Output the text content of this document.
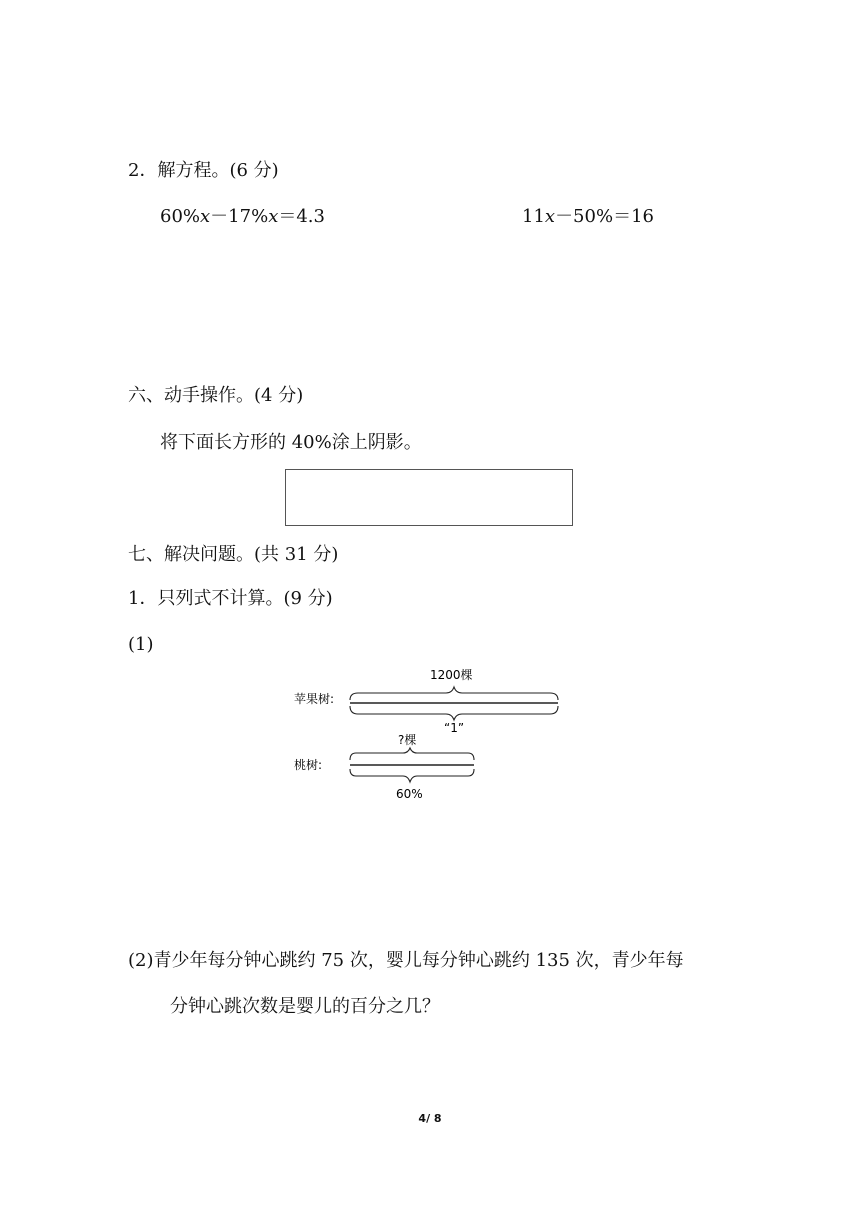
2．解方程。(6 分)
60%x－17%x＝4.3	11x－50%＝16
六、动手操作。(4 分)
将下面长方形的 40%涂上阴影。
七、解决问题。(共 31 分)
1．只列式不计算。(9 分)
(1)
苹果树:
1200棵
“1”
?棵
桃树:
60%
(2)青少年每分钟心跳约 75 次，婴儿每分钟心跳约 135 次，青少年每
分钟心跳次数是婴儿的百分之几？
4/ 8
